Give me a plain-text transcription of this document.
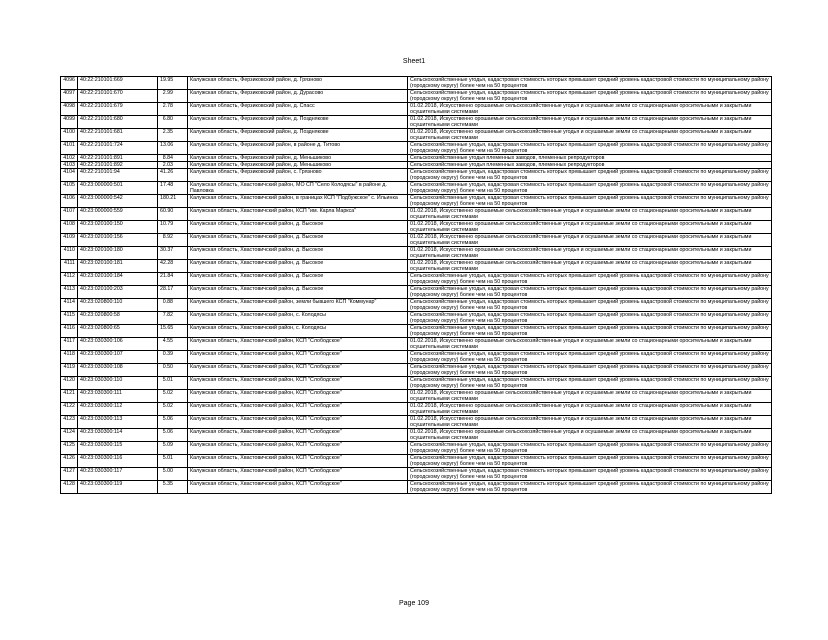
Sheet1
4096	40:22:210101:669	19.95	Калужская область, Ферзиковский район, д. Грязново	Сельскохозяйственные угодья, кадастровая стоимость которых превышает средний уровень кадастровой стоимости по муниципальному району (городскому округу) более чем на 50 процентов
4097	40:22:210101:670	2.99	Калужская область, Ферзиковский район, д. Дурасово	Сельскохозяйственные угодья, кадастровая стоимость которых превышает средний уровень кадастровой стоимости по муниципальному району (городскому округу) более чем на 50 процентов
4098	40:22:210101:679	2.78	Калужская область, Ферзиковский район, д. Спасс	01.02.2018, Искусственно орошаемые сельскохозяйственные угодья и осушаемые земли со стационарными оросительными и закрытыми осушительными системами
4099	40:22:210101:680	6.80	Калужская область, Ферзиковский район, д. Позднякове	01.02.2018, Искусственно орошаемые сельскохозяйственные угодья и осушаемые земли со стационарными оросительными и закрытыми осушительными системами
4100	40:22:210101:681	2.35	Калужская область, Ферзиковский район, д. Позднякове	01.02.2018, Искусственно орошаемые сельскохозяйственные угодья и осушаемые земли со стационарными оросительными и закрытыми осушительными системами
4101	40:22:210101:724	13.06	Калужская область, Ферзиковский район, в районе д. Титово	Сельскохозяйственные угодья, кадастровая стоимость которых превышает средний уровень кадастровой стоимости по муниципальному району (городскому округу) более чем на 50 процентов
4102	40:22:210101:891	8.84	Калужская область, Ферзиковский район, д. Меньшиково	Сельскохозяйственные угодья племенных заводов, племенных репродукторов
4103	40:22:210101:892	2.03	Калужская область, Ферзиковский район, д. Меньшиково	Сельскохозяйственные угодья племенных заводов, племенных репродукторов
4104	40:22:210101:94	41.26	Калужская область, Ферзиковский район, с. Грязново	Сельскохозяйственные угодья, кадастровая стоимость которых превышает средний уровень кадастровой стоимости по муниципальному району (городскому округу) более чем на 50 процентов
4105	40:23:000000:501	17.48	Калужская область, Хвастовичский район, МО СП "Село Колодясы" в районе д. Павловка	Сельскохозяйственные угодья, кадастровая стоимость которых превышает средний уровень кадастровой стоимости по муниципальному району (городскому округу) более чем на 50 процентов
4106	40:23:000000:542	180.21	Калужская область, Хвастовичский район, в границах КСП "Подбужское" с. Ильинка	Сельскохозяйственные угодья, кадастровая стоимость которых превышает средний уровень кадастровой стоимости по муниципальному району (городскому округу) более чем на 50 процентов
4107	40:23:000000:559	60.90	Калужская область, Хвастовичский район, КСП "им. Карла Маркса"	01.02.2018, Искусственно орошаемые сельскохозяйственные угодья и осушаемые земли со стационарными оросительными и закрытыми осушительными системами
4108	40:23:020100:150	10.79	Калужская область, Хвастовичский район, д. Высокое	01.02.2018, Искусственно орошаемые сельскохозяйственные угодья и осушаемые земли со стационарными оросительными и закрытыми осушительными системами
4109	40:23:020100:156	8.92	Калужская область, Хвастовичский район, д. Высокое	01.02.2018, Искусственно орошаемые сельскохозяйственные угодья и осушаемые земли со стационарными оросительными и закрытыми осушительными системами
4110	40:23:020100:180	30.37	Калужская область, Хвастовичский район, д. Высокое	01.02.2018, Искусственно орошаемые сельскохозяйственные угодья и осушаемые земли со стационарными оросительными и закрытыми осушительными системами
4111	40:23:020100:181	42.28	Калужская область, Хвастовичский район, д. Высокое	01.02.2018, Искусственно орошаемые сельскохозяйственные угодья и осушаемые земли со стационарными оросительными и закрытыми осушительными системами
4112	40:23:020100:184	21.84	Калужская область, Хвастовичский район, д. Высокое	Сельскохозяйственные угодья, кадастровая стоимость которых превышает средний уровень кадастровой стоимости по муниципальному району (городскому округу) более чем на 50 процентов
4113	40:23:020100:203	28.17	Калужская область, Хвастовичский район, д. Высокое	Сельскохозяйственные угодья, кадастровая стоимость которых превышает средний уровень кадастровой стоимости по муниципальному району (городскому округу) более чем на 50 процентов
4114	40:23:020800:110	0.88	Калужская область, Хвастовичский район, земли бывшего КСП "Коммунар"	Сельскохозяйственные угодья, кадастровая стоимость которых превышает средний уровень кадастровой стоимости по муниципальному району (городскому округу) более чем на 50 процентов
4115	40:23:020800:58	7.82	Калужская область, Хвастовичский район, с. Колодясы	Сельскохозяйственные угодья, кадастровая стоимость которых превышает средний уровень кадастровой стоимости по муниципальному району (городскому округу) более чем на 50 процентов
4116	40:23:020800:65	15.65	Калужская область, Хвастовичский район, с. Колодясы	Сельскохозяйственные угодья, кадастровая стоимость которых превышает средний уровень кадастровой стоимости по муниципальному району (городскому округу) более чем на 50 процентов
4117	40:23:030300:106	4.55	Калужская область, Хвастовичский район, КСП "Слободское"	01.02.2018, Искусственно орошаемые сельскохозяйственные угодья и осушаемые земли со стационарными оросительными и закрытыми осушительными системами
4118	40:23:030300:107	0.39	Калужская область, Хвастовичский район, КСП "Слободское"	Сельскохозяйственные угодья, кадастровая стоимость которых превышает средний уровень кадастровой стоимости по муниципальному району (городскому округу) более чем на 50 процентов
4119	40:23:030300:108	0.50	Калужская область, Хвастовичский район, КСП "Слободское"	Сельскохозяйственные угодья, кадастровая стоимость которых превышает средний уровень кадастровой стоимости по муниципальному району (городскому округу) более чем на 50 процентов
4120	40:23:030300:110	5.01	Калужская область, Хвастовичский район, КСП "Слободское"	Сельскохозяйственные угодья, кадастровая стоимость которых превышает средний уровень кадастровой стоимости по муниципальному району (городскому округу) более чем на 50 процентов
4121	40:23:030300:111	5.02	Калужская область, Хвастовичский район, КСП "Слободское"	01.02.2018, Искусственно орошаемые сельскохозяйственные угодья и осушаемые земли со стационарными оросительными и закрытыми осушительными системами
4122	40:23:030300:112	5.02	Калужская область, Хвастовичский район, КСП "Слободское"	01.02.2018, Искусственно орошаемые сельскохозяйственные угодья и осушаемые земли со стационарными оросительными и закрытыми осушительными системами
4123	40:23:030300:113	5.06	Калужская область, Хвастовичский район, КСП "Слободское"	01.02.2018, Искусственно орошаемые сельскохозяйственные угодья и осушаемые земли со стационарными оросительными и закрытыми осушительными системами
4124	40:23:030300:114	5.06	Калужская область, Хвастовичский район, КСП "Слободское"	01.02.2018, Искусственно орошаемые сельскохозяйственные угодья и осушаемые земли со стационарными оросительными и закрытыми осушительными системами
4125	40:23:030300:115	5.09	Калужская область, Хвастовичский район, КСП "Слободское"	Сельскохозяйственные угодья, кадастровая стоимость которых превышает средний уровень кадастровой стоимости по муниципальному району (городскому округу) более чем на 50 процентов
4126	40:23:030300:116	5.01	Калужская область, Хвастовичский район, КСП "Слободское"	Сельскохозяйственные угодья, кадастровая стоимость которых превышает средний уровень кадастровой стоимости по муниципальному району (городскому округу) более чем на 50 процентов
4127	40:23:030300:117	5.00	Калужская область, Хвастовичский район, КСП "Слободское"	Сельскохозяйственные угодья, кадастровая стоимость которых превышает средний уровень кадастровой стоимости по муниципальному району (городскому округу) более чем на 50 процентов
4128	40:23:030300:119	5.35	Калужская область, Хвастовичский район, КСП "Слободское"	Сельскохозяйственные угодья, кадастровая стоимость которых превышает средний уровень кадастровой стоимости по муниципальному району (городскому округу) более чем на 50 процентов
Page 109
